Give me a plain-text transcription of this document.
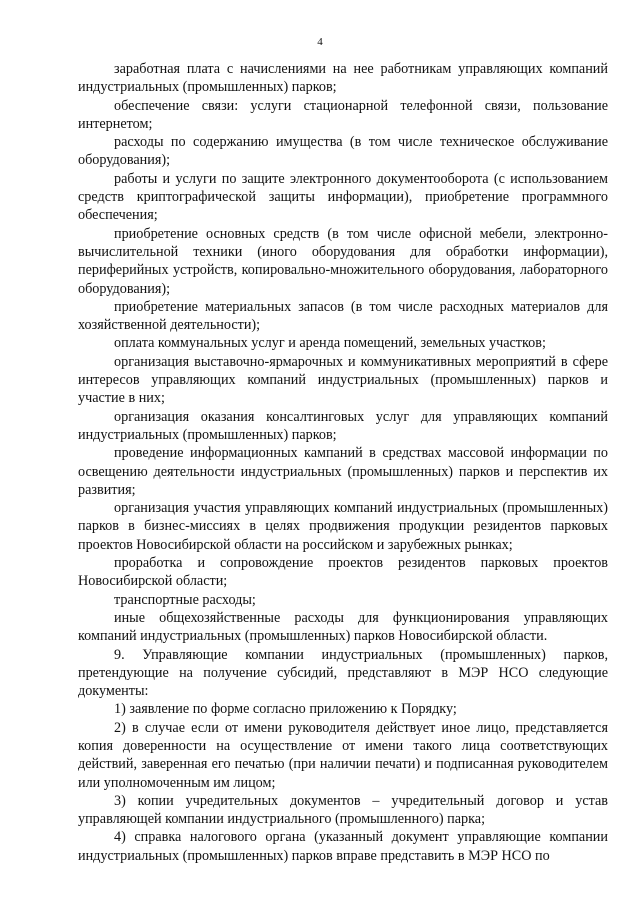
4

заработная плата с начислениями на нее работникам управляющих компаний индустриальных (промышленных) парков;

обеспечение связи: услуги стационарной телефонной связи, пользование интернетом;

расходы по содержанию имущества (в том числе техническое обслуживание оборудования);

работы и услуги по защите электронного документооборота (с использованием средств криптографической защиты информации), приобретение программного обеспечения;

приобретение основных средств (в том числе офисной мебели, электронно-вычислительной техники (иного оборудования для обработки информации), периферийных устройств, копировально-множительного оборудования, лабораторного оборудования);

приобретение материальных запасов (в том числе расходных материалов для хозяйственной деятельности);

оплата коммунальных услуг и аренда помещений, земельных участков;

организация выставочно-ярмарочных и коммуникативных мероприятий в сфере интересов управляющих компаний индустриальных (промышленных) парков и участие в них;

организация оказания консалтинговых услуг для управляющих компаний индустриальных (промышленных) парков;

проведение информационных кампаний в средствах массовой информации по освещению деятельности индустриальных (промышленных) парков и перспектив их развития;

организация участия управляющих компаний индустриальных (промышленных) парков в бизнес-миссиях в целях продвижения продукции резидентов парковых проектов Новосибирской области на российском и зарубежных рынках;

проработка и сопровождение проектов резидентов парковых проектов Новосибирской области;

транспортные расходы;

иные общехозяйственные расходы для функционирования управляющих компаний индустриальных (промышленных) парков Новосибирской области.

9. Управляющие компании индустриальных (промышленных) парков, претендующие на получение субсидий, представляют в МЭР НСО следующие документы:

1) заявление по форме согласно приложению к Порядку;

2) в случае если от имени руководителя действует иное лицо, представляется копия доверенности на осуществление от имени такого лица соответствующих действий, заверенная его печатью (при наличии печати) и подписанная руководителем или уполномоченным им лицом;

3) копии учредительных документов – учредительный договор и устав управляющей компании индустриального (промышленного) парка;

4) справка налогового органа (указанный документ управляющие компании индустриальных (промышленных) парков вправе представить в МЭР НСО по
